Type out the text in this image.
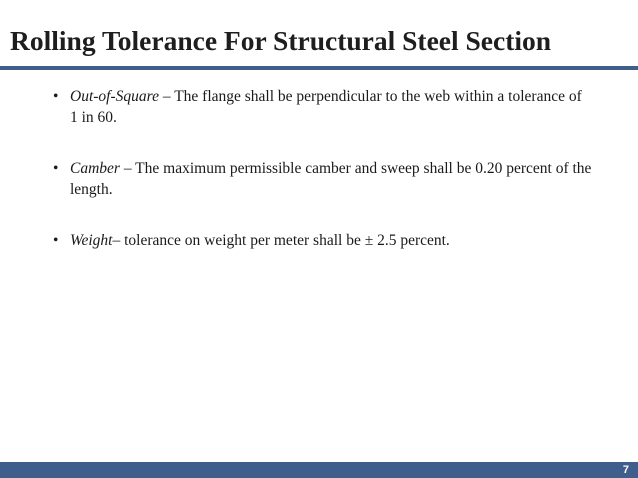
Rolling Tolerance For Structural Steel Section
• Out-of-Square – The flange shall be perpendicular to the web within a tolerance of 1 in 60.
• Camber – The maximum permissible camber and sweep shall be 0.20 percent of the length.
• Weight– tolerance on weight per meter shall be ± 2.5 percent.
7
